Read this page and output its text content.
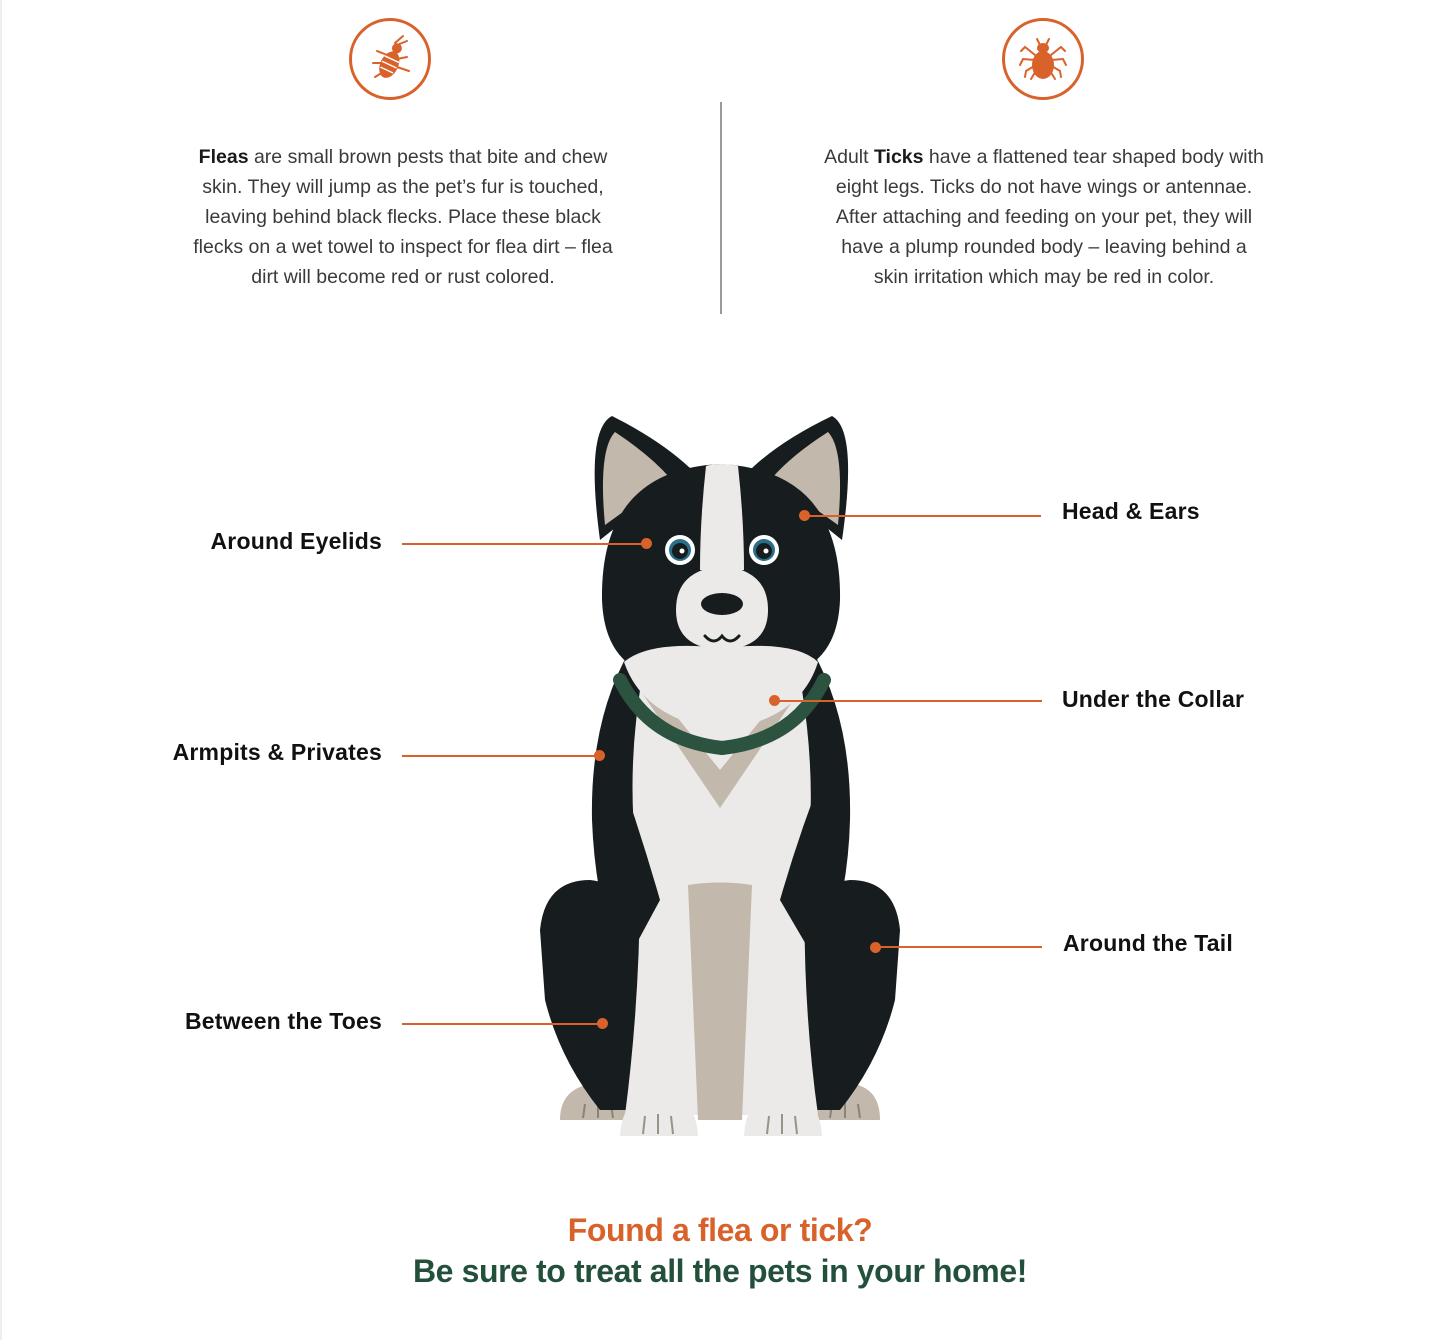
Fleas are small brown pests that bite and chew skin. They will jump as the pet’s fur is touched, leaving behind black flecks. Place these black flecks on a wet towel to inspect for flea dirt – flea dirt will become red or rust colored.
Adult Ticks have a flattened tear shaped body with eight legs. Ticks do not have wings or antennae. After attaching and feeding on your pet, they will have a plump rounded body – leaving behind a skin irritation which may be red in color.
Around Eyelids
Armpits & Privates
Between the Toes
Head & Ears
Under the Collar
Around the Tail
Found a flea or tick?
Be sure to treat all the pets in your home!
